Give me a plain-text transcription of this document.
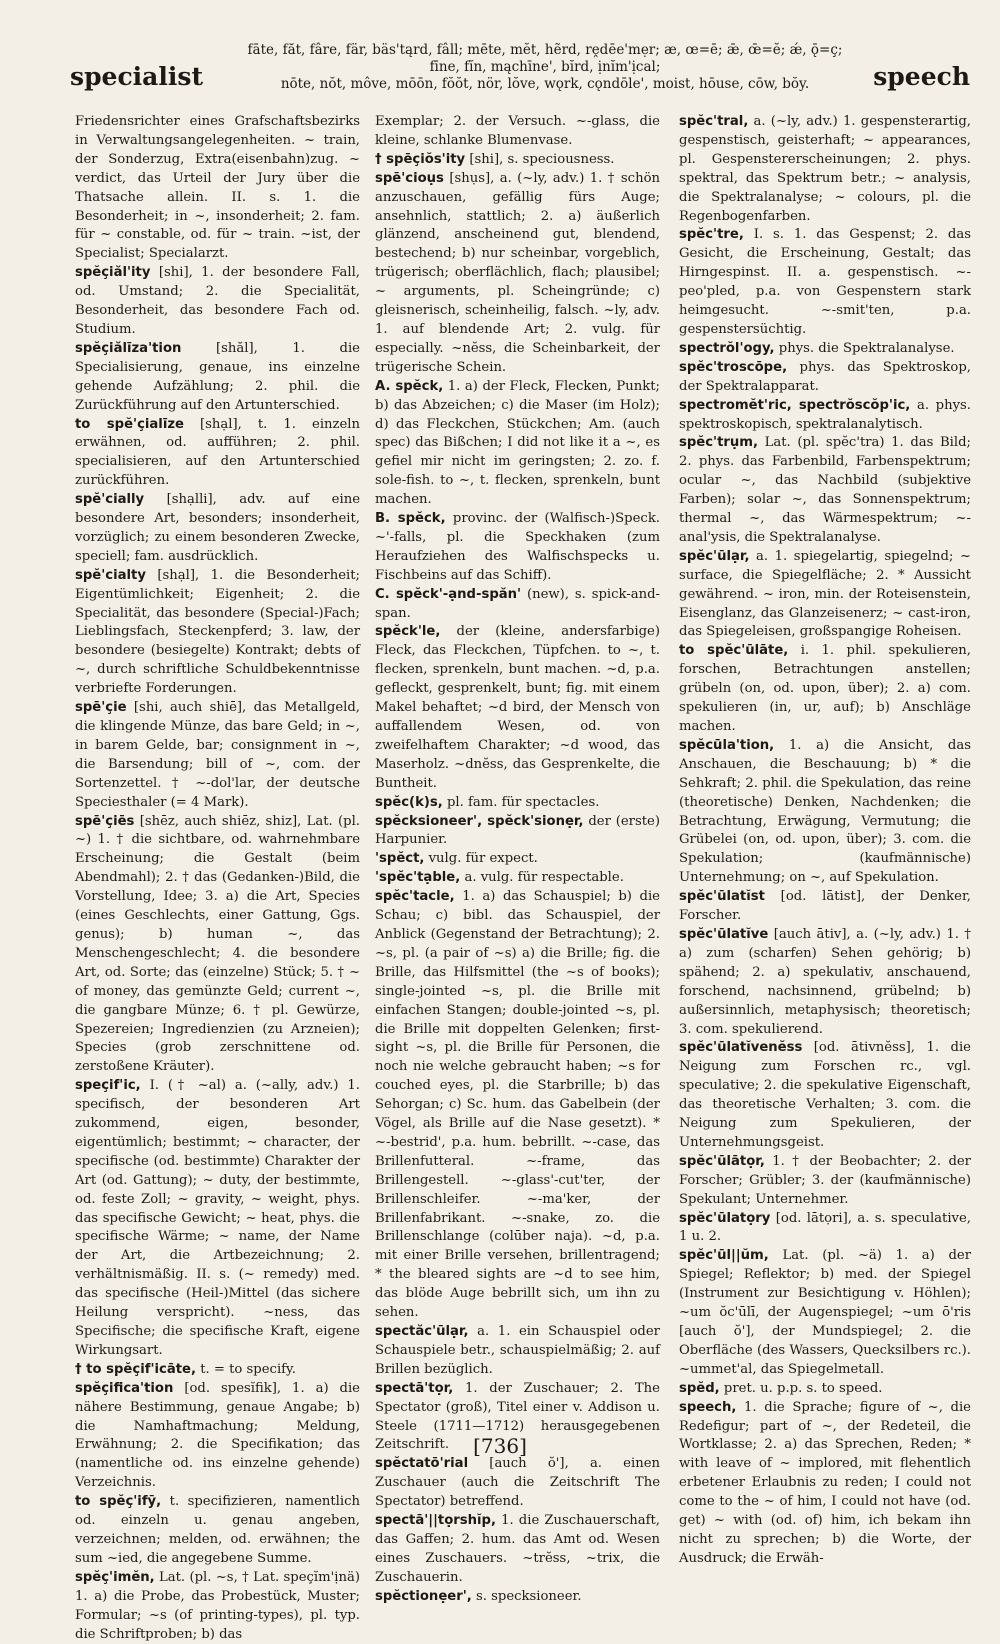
specialist
fāte, făt, fâre, fär, bäs'tąrd, fâll; mēte, mĕt, hẽrd, rḙdēe'mẹr; æ, œ=ē; ǣ, œ̄=ĕ; ǽ, ǭ=ç;
fīne, fĭn, mąchīne', bĭrd, ịnĭm'ịcal;
nōte, nŏt, môve, mōōn, fŏŏt, nör, lŏve, wǫrk, cǫndōle', moist, hōuse, cōw, bŏy.	speech

Friedensrichter eines Grafschaftsbezirks in Verwaltungsangelegenheiten. ~ train, der Sonderzug, Extra(eisenbahn)zug. ~ verdict, das Urteil der Jury über die Thatsache allein. II. s. 1. die Besonderheit; in ~, insonderheit; 2. fam. für ~ constable, od. für ~ train. ~ist, der Specialist; Specialarzt.

spĕçiăl'ity [shi], 1. der besondere Fall, od. Umstand; 2. die Specialität, Besonderheit, das besondere Fach od. Studium.

spĕçiălīza'tion	[shăl], 1. die Specialisierung, genaue, ins einzelne gehende Aufzählung; 2. phil. die Zurückführung auf den Artunterschied.

to spĕ'çialīze [shạl], t. 1. einzeln erwähnen, od. aufführen; 2. phil. specialisieren, auf den Artunterschied zurückführen.

spĕ'cially [shạlli], adv. auf eine besondere Art, besonders; insonderheit, vorzüglich; zu einem besonderen Zwecke, speciell; fam. ausdrücklich.

spĕ'cialty [shạl], 1. die Besonderheit; Eigentümlichkeit; Eigenheit; 2. die Specialität, das besondere (Special-)Fach; Lieblingsfach, Steckenpferd; 3. law, der besondere (besiegelte) Kontrakt; debts of ~, durch schriftliche Schuldbekenntnisse verbriefte Forderungen.

spē'çie [shi, auch shiē], das Metallgeld, die klingende Münze, das bare Geld; in ~, in barem Gelde, bar; consignment in ~, die Barsendung; bill of ~, com. der Sortenzettel. † ~-dol'lar, der deutsche Speciesthaler (= 4 Mark).

spē'çiēs [shēz, auch shiēz, shiz], Lat. (pl. ~) 1. † die sichtbare, od. wahrnehmbare Erscheinung; die Gestalt (beim Abendmahl); 2. † das (Gedanken-)Bild, die Vorstellung, Idee; 3. a) die Art, Species (eines Geschlechts, einer Gattung, Ggs. genus); b) human ~, das Menschengeschlecht; 4. die besondere Art, od. Sorte; das (einzelne) Stück; 5. † ~ of money, das gemünzte Geld; current ~, die gangbare Münze; 6. † pl. Gewürze, Spezereien; Ingredienzien (zu Arzneien); Species (grob zerschnittene od. zerstoßene Kräuter).

speçif'ic, I. († ~al) a. (~ally, adv.) 1. specifisch, der besonderen Art zukommend, eigen, besonder, eigentümlich; bestimmt; ~ character, der specifische (od. bestimmte) Charakter der Art (od. Gattung); ~ duty, der bestimmte, od. feste Zoll; ~ gravity, ~ weight, phys. das specifische Gewicht; ~ heat, phys. die specifische Wärme; ~ name, der Name der Art, die Artbezeichnung; 2. verhältnismäßig. II. s. (~ remedy) med. das specifische (Heil-)Mittel (das sichere Heilung verspricht). ~ness, das Specifische; die specifische Kraft, eigene Wirkungsart.

† to spĕçif'icāte, t. = to specify.

spĕçifica'tion [od. spesĭfik], 1. a) die nähere Bestimmung, genaue Angabe; b) die Namhaftmachung; Meldung, Erwähnung; 2. die Specifikation; das (namentliche od. ins einzelne gehende) Verzeichnis.

to spĕç'ifȳ, t. specifizieren, namentlich od. einzeln u. genau angeben, verzeichnen; melden, od. erwähnen; the sum ~ied, die angegebene Summe.

spĕç'imĕn, Lat. (pl. ~s, † Lat. speçĭm'ịnä) 1. a) die Probe, das Probestück, Muster; Formular; ~s (of printing-types), pl. typ. die Schriftproben; b) das

Exemplar; 2. der Versuch. ~-glass, die kleine, schlanke Blumenvase.

† spēçiŏs'ity [shi], s. speciousness.

spē'cioụs [shụs], a. (~ly, adv.) 1. † schön anzuschauen, gefällig fürs Auge; ansehnlich, stattlich; 2. a) äußerlich glänzend, anscheinend gut, blendend, bestechend; b) nur scheinbar, vorgeblich, trügerisch; oberflächlich, flach; plausibel; ~ arguments, pl. Scheingründe; c) gleisnerisch, scheinheilig, falsch. ~ly, adv. 1. auf blendende Art; 2. vulg. für especially. ~nĕss, die Scheinbarkeit, der trügerische Schein.

A. spĕck, 1. a) der Fleck, Flecken, Punkt; b) das Abzeichen; c) die Maser (im Holz); d) das Fleckchen, Stückchen; Am. (auch spec) das Bißchen; I did not like it a ~, es gefiel mir nicht im geringsten; 2. zo. f. sole-fish. to ~, t. flecken, sprenkeln, bunt machen.

B. spĕck, provinc. der (Walfisch-)Speck. ~'-falls, pl. die Speckhaken (zum Heraufziehen des Walfischspecks u. Fischbeins auf das Schiff).

C. spĕck'-ạnd-spăn' (new), s. spick-and-span.

spĕck'le, der (kleine, andersfarbige) Fleck, das Fleckchen, Tüpfchen. to ~, t. flecken, sprenkeln, bunt machen. ~d, p.a. gefleckt, gesprenkelt, bunt; fig. mit einem Makel behaftet; ~d bird, der Mensch von auffallendem Wesen, od. von zweifelhaftem Charakter; ~d wood, das Maserholz. ~dnĕss, das Gesprenkelte, die Buntheit.

spĕc(k)s, pl. fam. für spectacles.

spĕcksioneer', spĕck'sionẹr, der (erste) Harpunier.

'spĕct, vulg. für expect.

'spĕc'tạble, a. vulg. für respectable.

spĕc'tacle, 1. a) das Schauspiel; b) die Schau; c) bibl. das Schauspiel, der Anblick (Gegenstand der Betrachtung); 2. ~s, pl. (a pair of ~s) a) die Brille; fig. die Brille, das Hilfsmittel (the ~s of books); single-jointed ~s, pl. die Brille mit einfachen Stangen; double-jointed ~s, pl. die Brille mit doppelten Gelenken; first-sight ~s, pl. die Brille für Personen, die noch nie welche gebraucht haben; ~s for couched eyes, pl. die Starbrille; b) das Sehorgan; c) Sc. hum. das Gabelbein (der Vögel, als Brille auf die Nase gesetzt). * ~-bestrid', p.a. hum. bebrillt. ~-case, das Brillenfutteral. ~-frame, das Brillengestell. ~-glass'-cut'ter, der Brillenschleifer. ~-ma'ker, der Brillenfabrikant. ~-snake, zo. die Brillenschlange (colūber naja). ~d, p.a. mit einer Brille versehen, brillentragend; * the bleared sights are ~d to see him, das blöde Auge bebrillt sich, um ihn zu sehen.

spectăc'ūlạr, a. 1. ein Schauspiel oder Schauspiele betr., schauspielmäßig; 2. auf Brillen bezüglich.

spectā'tọr, 1. der Zuschauer; 2. The Spectator (groß), Titel einer v. Addison u. Steele (1711—1712) herausgegebenen Zeitschrift.

spĕctatō'rial [auch ŏ'], a. einen Zuschauer (auch die Zeitschrift The Spectator) betreffend.

spectā'||tọrshĭp, 1. die Zuschauerschaft, das Gaffen; 2. hum. das Amt od. Wesen eines Zuschauers. ~trĕss, ~trix, die Zuschauerin.

spĕctionẹer', s. specksioneer.

spĕc'tral, a. (~ly, adv.) 1. gespensterartig, gespenstisch, geisterhaft; ~ appearances, pl. Gespenstererscheinungen; 2. phys. spektral, das Spektrum betr.; ~ analysis, die Spektralanalyse; ~ colours, pl. die Regenbogenfarben.

spĕc'tre, I. s. 1. das Gespenst; 2. das Gesicht, die Erscheinung, Gestalt; das Hirngespinst. II. a. gespenstisch. ~-peo'pled, p.a. von Gespenstern stark heimgesucht. ~-smit'ten, p.a. gespenstersüchtig.

spectrŏl'ogy, phys. die Spektralanalyse.

spĕc'troscōpe, phys. das Spektroskop, der Spektralapparat.

spectromĕt'ric, spectrŏscŏp'ic, a. phys. spektroskopisch, spektralanalytisch.

spĕc'trụm, Lat. (pl. spĕc'tra) 1. das Bild; 2. phys. das Farbenbild, Farbenspektrum; ocular ~, das Nachbild (subjektive Farben); solar ~, das Sonnenspektrum; thermal ~, das Wärmespektrum; ~-anal'ysis, die Spektralanalyse.

spĕc'ūlạr, a. 1. spiegelartig, spiegelnd; ~ surface, die Spiegelfläche; 2. * Aussicht gewährend. ~ iron, min. der Roteisenstein, Eisenglanz, das Glanzeisenerz; ~ cast-iron, das Spiegeleisen, großspangige Roheisen.

to spĕc'ūlāte, i. 1. phil. spekulieren, forschen, Betrachtungen anstellen; grübeln (on, od. upon, über); 2. a) com. spekulieren (in, ur, auf); b) Anschläge machen.

spĕcūla'tion, 1. a) die Ansicht, das Anschauen, die Beschauung; b) * die Sehkraft; 2. phil. die Spekulation, das reine (theoretische) Denken, Nachdenken; die Betrachtung, Erwägung, Vermutung; die Grübelei (on, od. upon, über); 3. com. die Spekulation; (kaufmännische) Unternehmung; on ~, auf Spekulation.

spĕc'ūlatĭst [od. lātist], der Denker, Forscher.

spĕc'ūlatĭve [auch ātiv], a. (~ly, adv.) 1. † a) zum (scharfen) Sehen gehörig; b) spähend; 2. a) spekulativ, anschauend, forschend, nachsinnend, grübelnd; b) außersinnlich, metaphysisch; theoretisch; 3. com. spekulierend.

spĕc'ūlatĭvenĕss [od. ātivnĕss], 1. die Neigung zum Forschen rc., vgl. speculative; 2. die spekulative Eigenschaft, das theoretische Verhalten; 3. com. die Neigung zum Spekulieren, der Unternehmungsgeist.

spĕc'ūlātọr, 1. † der Beobachter; 2. der Forscher; Grübler; 3. der (kaufmännische) Spekulant; Unternehmer.

spĕc'ūlatọry [od. lātọri], a. s. speculative, 1 u. 2.

spĕc'ūl||ŭm, Lat. (pl. ~ä) 1. a) der Spiegel; Reflektor; b) med. der Spiegel (Instrument zur Besichtigung v. Höhlen); ~um ŏc'ūlī, der Augenspiegel; ~um ō'ris [auch ŏ'], der Mundspiegel; 2. die Oberfläche (des Wassers, Quecksilbers rc.). ~ummet'al, das Spiegelmetall.

spĕd, pret. u. p.p. s. to speed.

speech, 1. die Sprache; figure of ~, die Redefigur; part of ~, der Redeteil, die Wortklasse; 2. a) das Sprechen, Reden; * with leave of ~ implored, mit flehentlich erbetener Erlaubnis zu reden; I could not come to the ~ of him, I could not have (od. get) ~ with (od. of) him, ich bekam ihn nicht zu sprechen; b) die Worte, der Ausdruck; die Erwäh-

[736]
